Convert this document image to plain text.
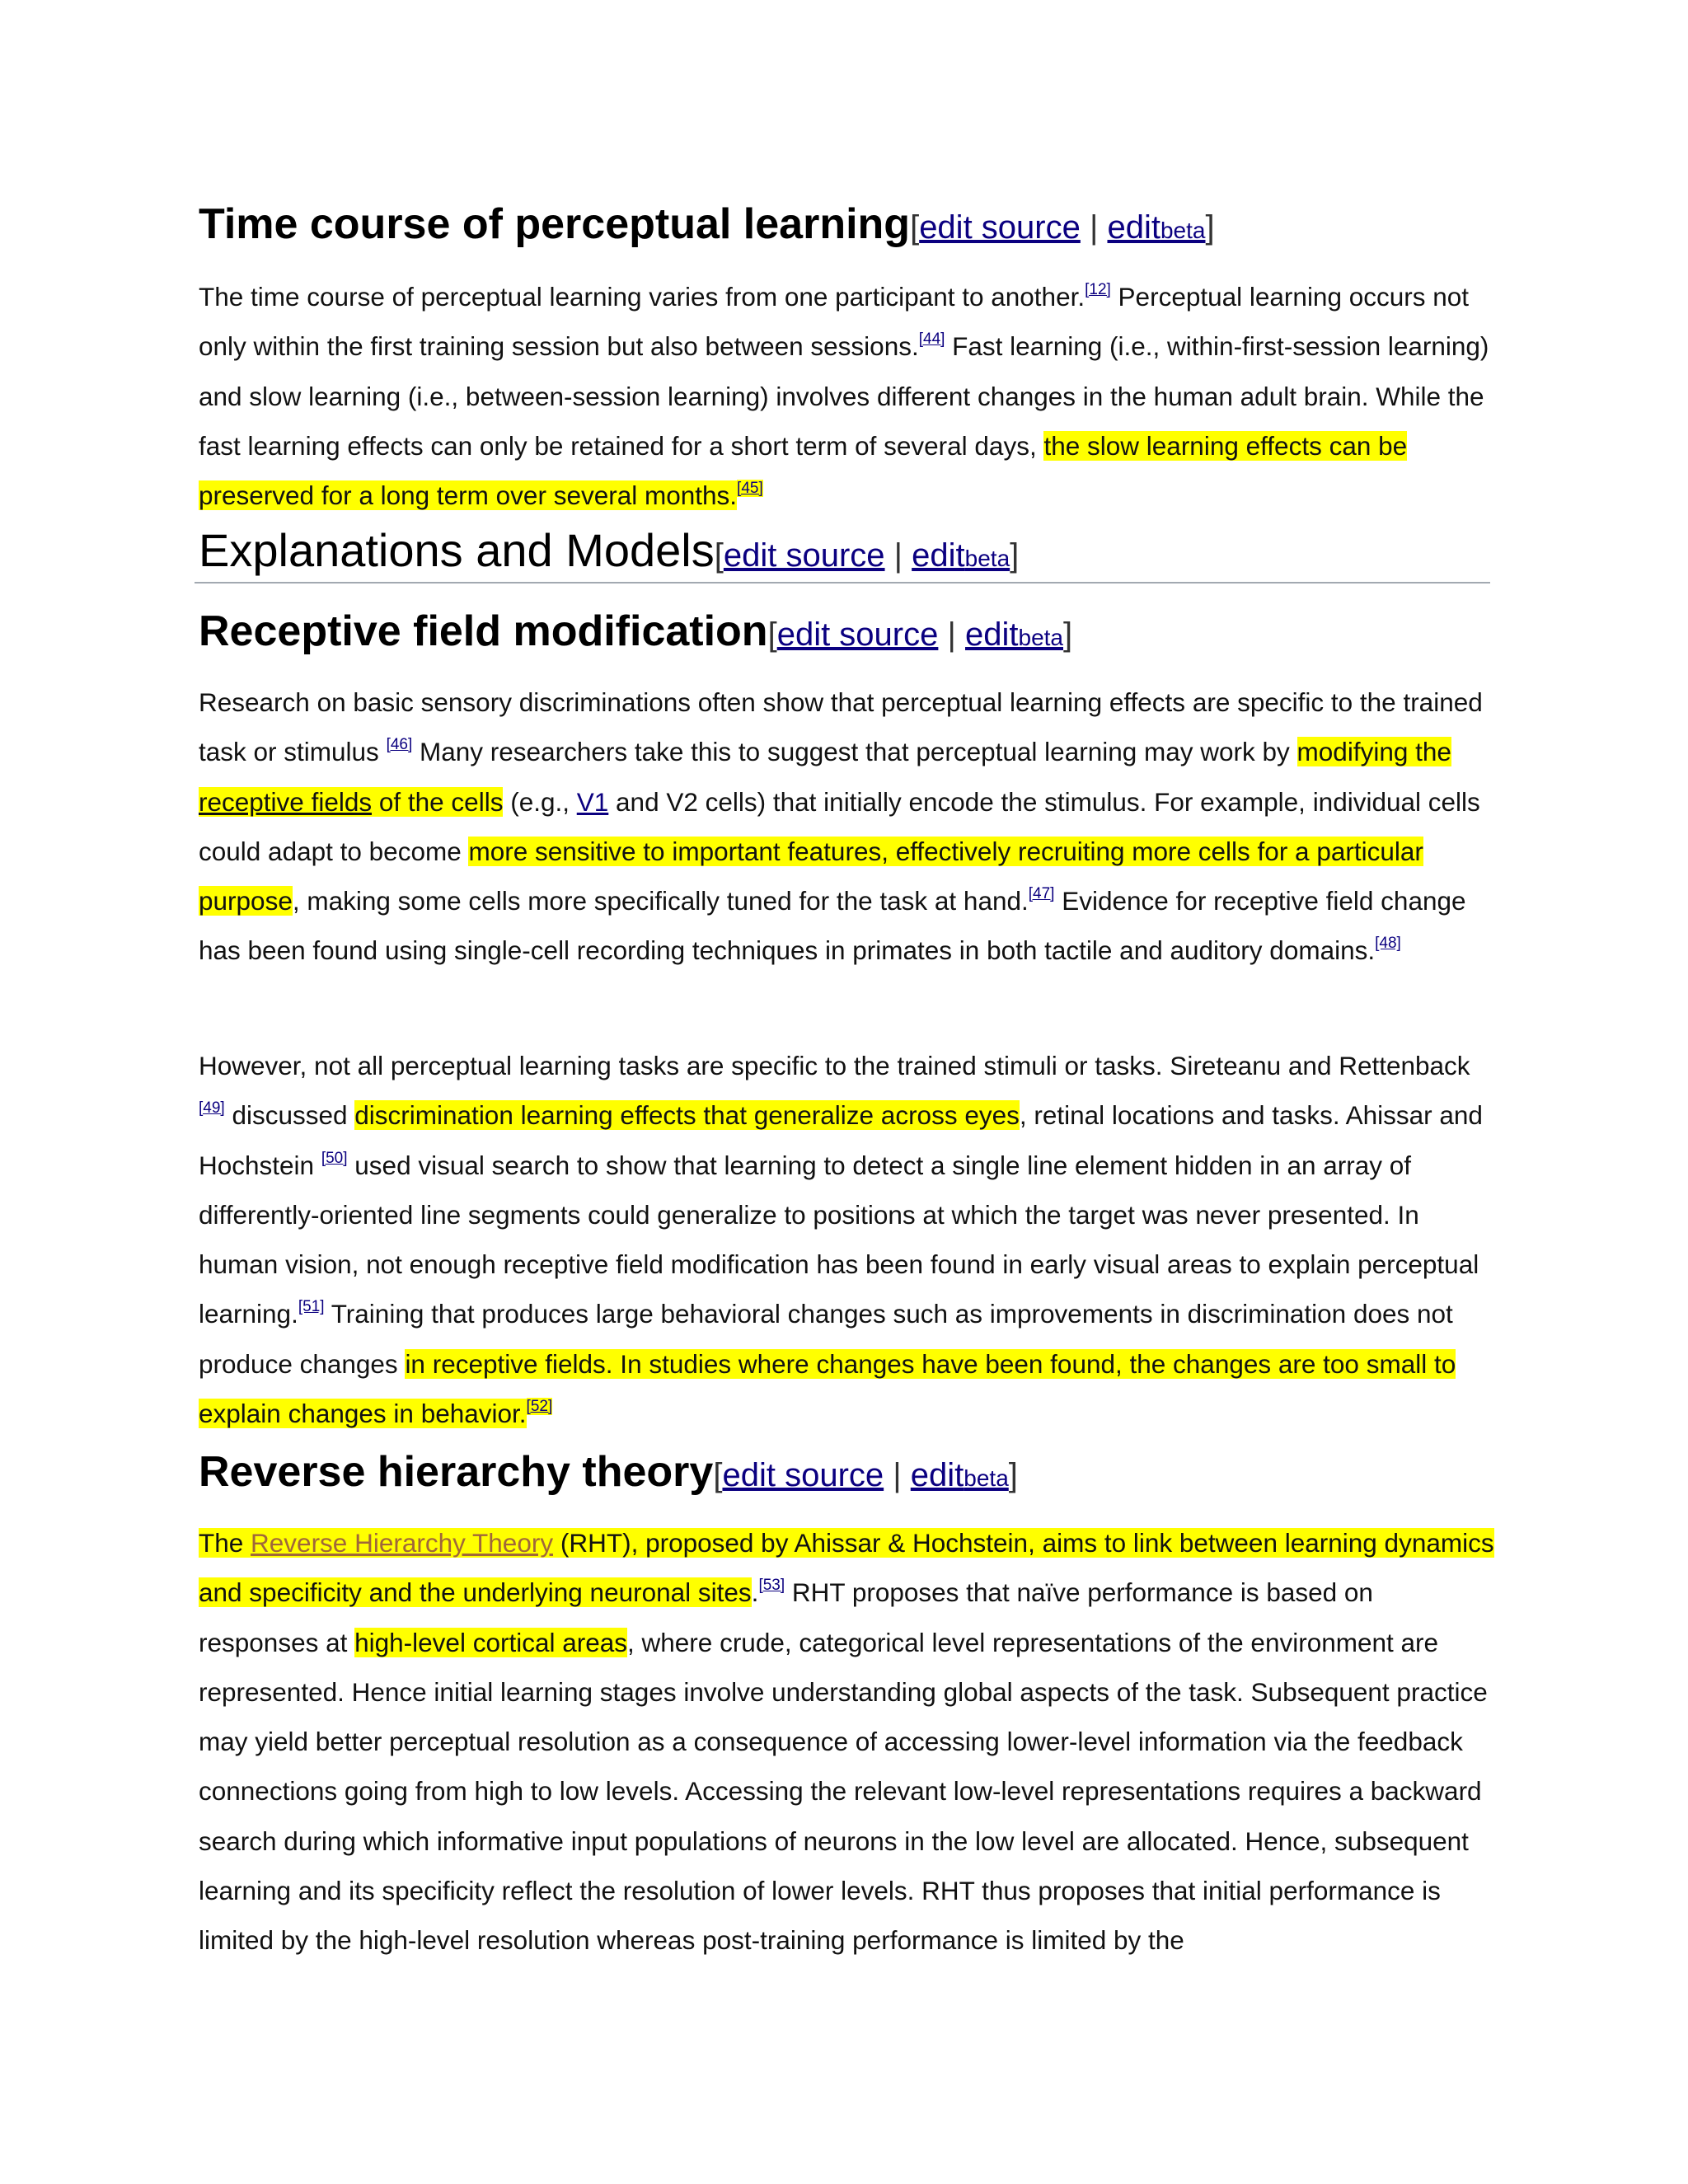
Time course of perceptual learning[edit source | editbeta]

The time course of perceptual learning varies from one participant to another.[12] Perceptual learning occurs not only within the first training session but also between sessions.[44] Fast learning (i.e., within-first-session learning) and slow learning (i.e., between-session learning) involves different changes in the human adult brain. While the fast learning effects can only be retained for a short term of several days, the slow learning effects can be preserved for a long term over several months.[45]

Explanations and Models[edit source | editbeta]
Receptive field modification[edit source | editbeta]

Research on basic sensory discriminations often show that perceptual learning effects are specific to the trained task or stimulus [46] Many researchers take this to suggest that perceptual learning may work by modifying the receptive fields of the cells (e.g., V1 and V2 cells) that initially encode the stimulus. For example, individual cells could adapt to become more sensitive to important features, effectively recruiting more cells for a particular purpose, making some cells more specifically tuned for the task at hand.[47] Evidence for receptive field change has been found using single-cell recording techniques in primates in both tactile and auditory domains.[48]

However, not all perceptual learning tasks are specific to the trained stimuli or tasks. Sireteanu and Rettenback [49] discussed discrimination learning effects that generalize across eyes, retinal locations and tasks. Ahissar and Hochstein [50] used visual search to show that learning to detect a single line element hidden in an array of differently-oriented line segments could generalize to positions at which the target was never presented. In human vision, not enough receptive field modification has been found in early visual areas to explain perceptual learning.[51] Training that produces large behavioral changes such as improvements in discrimination does not produce changes in receptive fields. In studies where changes have been found, the changes are too small to explain changes in behavior.[52]

Reverse hierarchy theory[edit source | editbeta]

The Reverse Hierarchy Theory (RHT), proposed by Ahissar & Hochstein, aims to link between learning dynamics and specificity and the underlying neuronal sites.[53] RHT proposes that naïve performance is based on responses at high-level cortical areas, where crude, categorical level representations of the environment are represented. Hence initial learning stages involve understanding global aspects of the task. Subsequent practice may yield better perceptual resolution as a consequence of accessing lower-level information via the feedback connections going from high to low levels. Accessing the relevant low-level representations requires a backward search during which informative input populations of neurons in the low level are allocated. Hence, subsequent learning and its specificity reflect the resolution of lower levels. RHT thus proposes that initial performance is limited by the high-level resolution whereas post-training performance is limited by the
